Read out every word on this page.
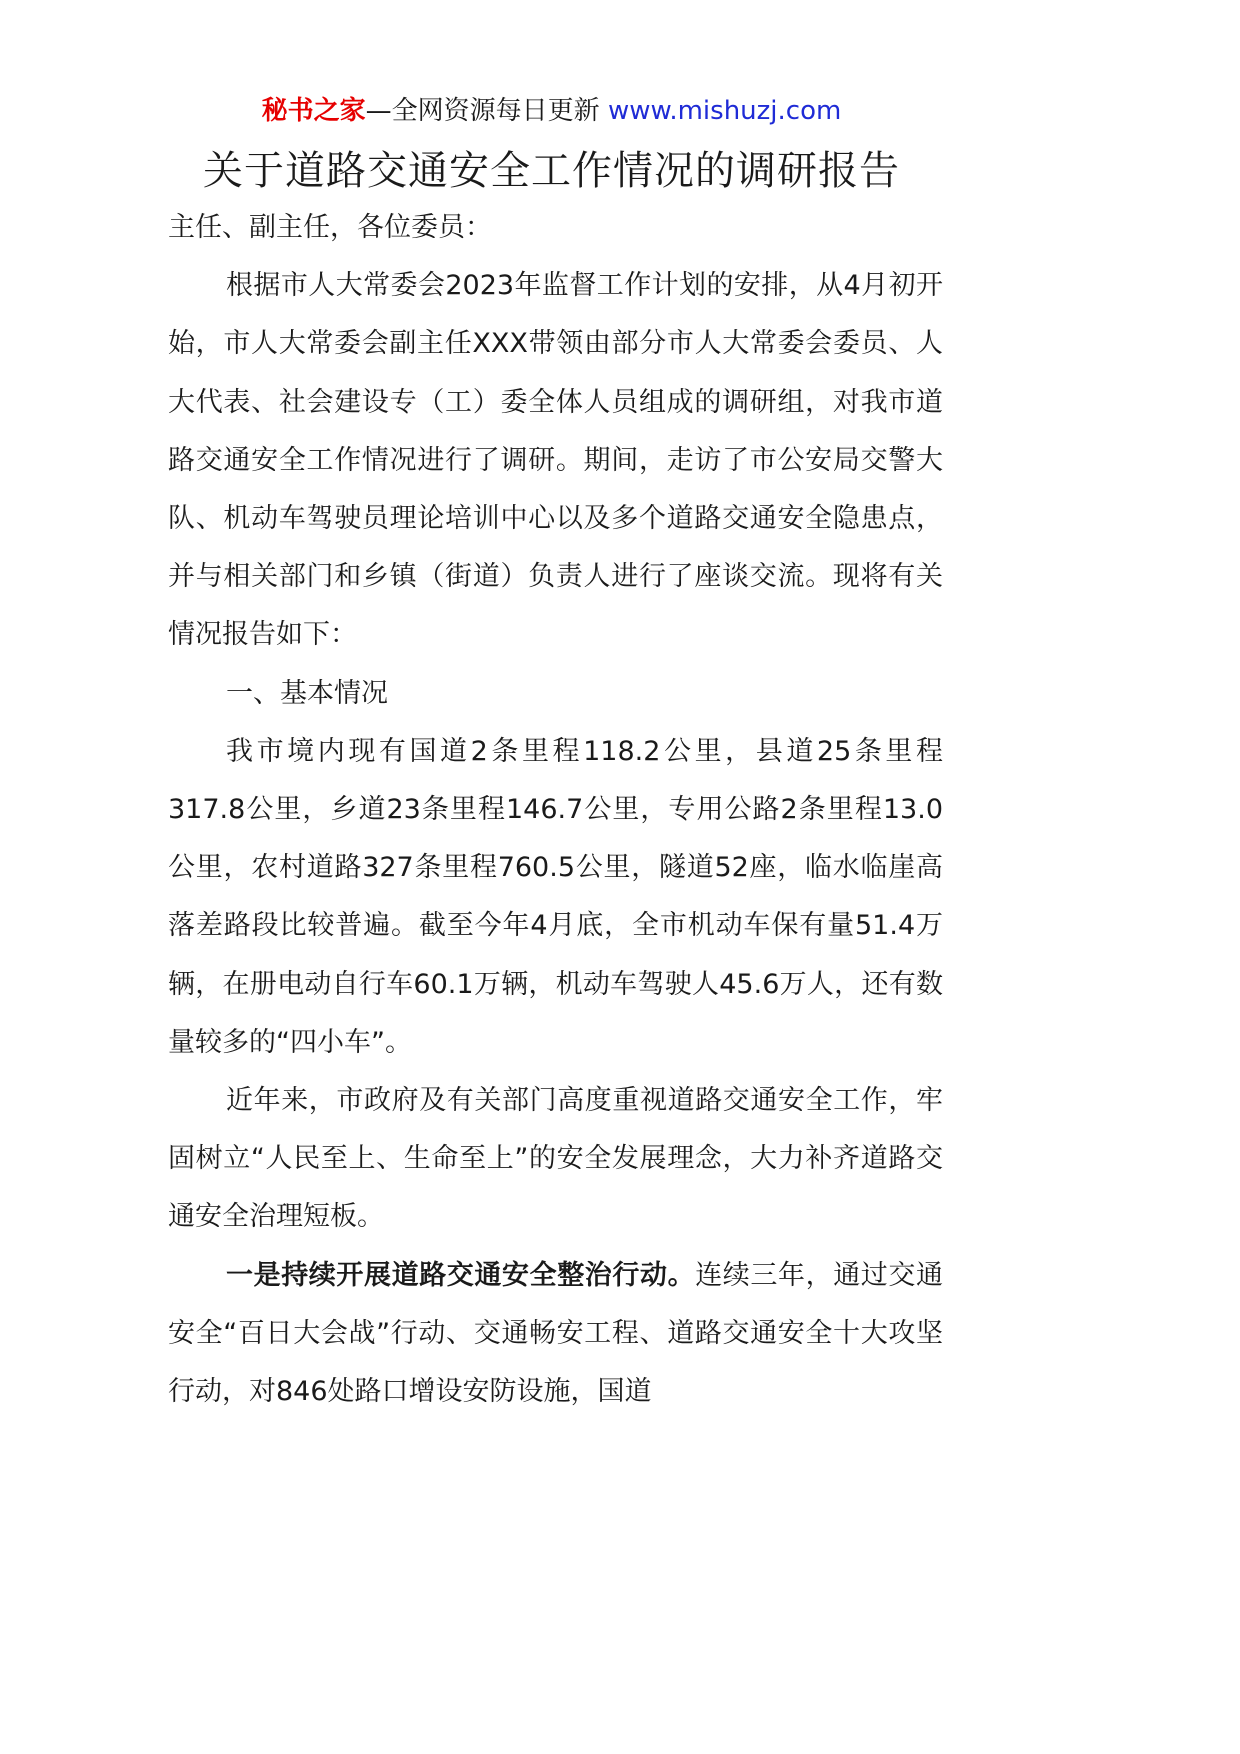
秘书之家—全网资源每日更新 www.mishuzj.com
关于道路交通安全工作情况的调研报告

主任、副主任，各位委员：

根据市人大常委会2023年监督工作计划的安排，从4月初开始，市人大常委会副主任XXX带领由部分市人大常委会委员、人大代表、社会建设专（工）委全体人员组成的调研组，对我市道路交通安全工作情况进行了调研。期间，走访了市公安局交警大队、机动车驾驶员理论培训中心以及多个道路交通安全隐患点，并与相关部门和乡镇（街道）负责人进行了座谈交流。现将有关情况报告如下：

一、基本情况

我市境内现有国道2条里程118.2公里，县道25条里程317.8公里，乡道23条里程146.7公里，专用公路2条里程13.0公里，农村道路327条里程760.5公里，隧道52座，临水临崖高落差路段比较普遍。截至今年4月底，全市机动车保有量51.4万辆，在册电动自行车60.1万辆，机动车驾驶人45.6万人，还有数量较多的“四小车”。

近年来，市政府及有关部门高度重视道路交通安全工作，牢固树立“人民至上、生命至上”的安全发展理念，大力补齐道路交通安全治理短板。

一是持续开展道路交通安全整治行动。连续三年，通过交通安全“百日大会战”行动、交通畅安工程、道路交通安全十大攻坚行动，对846处路口增设安防设施，国道
